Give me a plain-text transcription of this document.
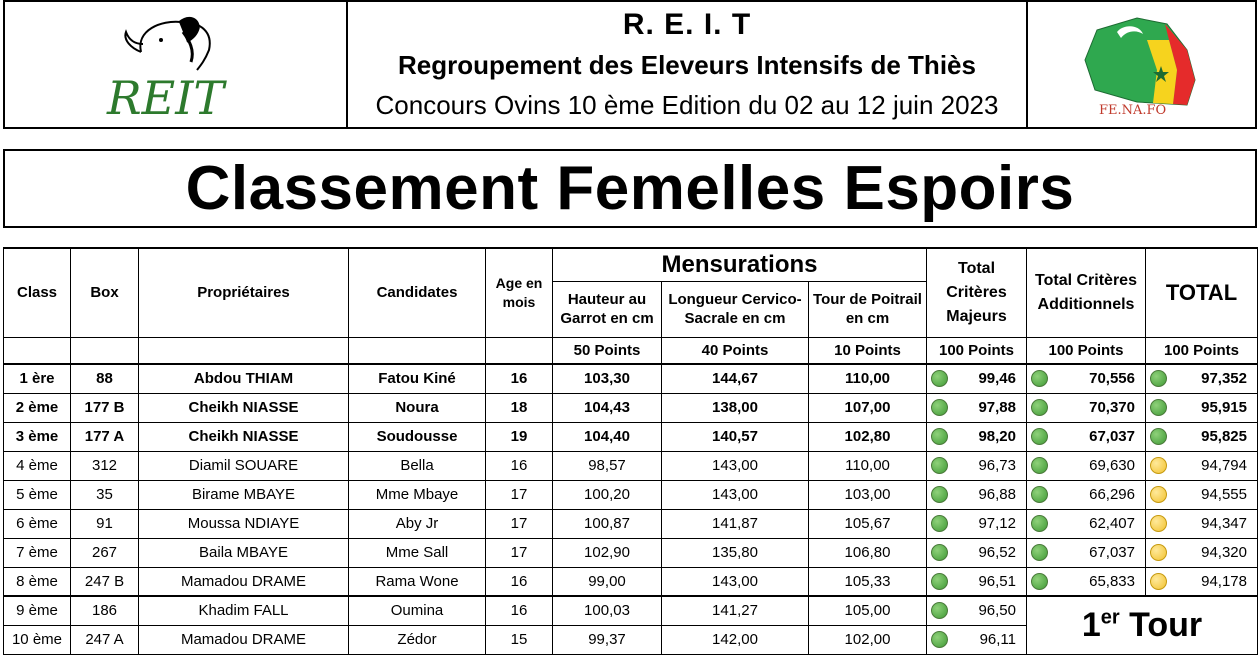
REIT
R. E. I. T
Regroupement des Eleveurs Intensifs de Thiès
Concours Ovins 10 ème Edition du 02 au 12 juin 2023	FE.NA.FO
Classement Femelles Espoirs
Class	Box	Propriétaires	Candidates	Age en mois	Mensurations			Total Critères Majeurs	Total Critères Additionnels	TOTAL
					Hauteur au Garrot en cm	Longueur Cervico-Sacrale en cm	Tour de Poitrail en cm			
					50 Points	40 Points	10 Points	100 Points	100 Points	100 Points
1 ère	88	Abdou THIAM	Fatou Kiné	16	103,30	144,67	110,00	99,46	70,556	97,352

2 ème	177 B	Cheikh NIASSE	Noura	18	104,43	138,00	107,00	97,88	70,370	95,915

3 ème	177 A	Cheikh NIASSE	Soudousse	19	104,40	140,57	102,80	98,20	67,037	95,825

4 ème	312	Diamil SOUARE	Bella	16	98,57	143,00	110,00	96,73	69,630	94,794

5 ème	35	Birame MBAYE	Mme Mbaye	17	100,20	143,00	103,00	96,88	66,296	94,555

6 ème	91	Moussa NDIAYE	Aby Jr	17	100,87	141,87	105,67	97,12	62,407	94,347

7 ème	267	Baila MBAYE	Mme Sall	17	102,90	135,80	106,80	96,52	67,037	94,320

8 ème	247 B	Mamadou DRAME	Rama Wone	16	99,00	143,00	105,33	96,51	65,833	94,178

9 ème	186	Khadim FALL	Oumina	16	100,03	141,27	105,00	96,50	1er Tour	
10 ème	247 A	Mamadou DRAME	Zédor	15	99,37	142,00	102,00	96,11		
